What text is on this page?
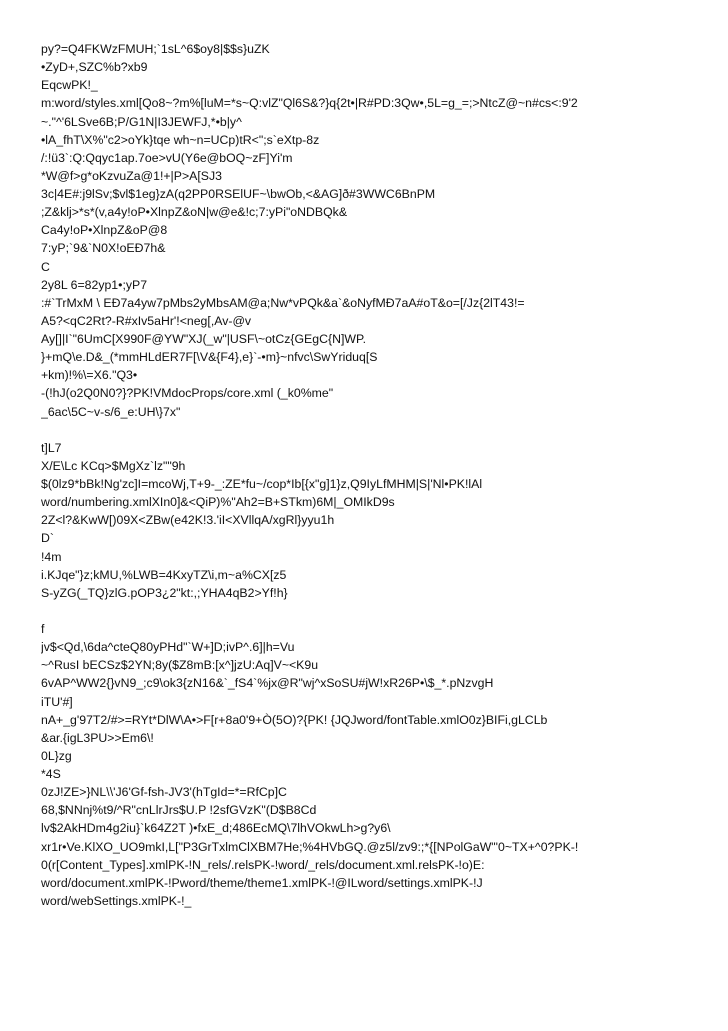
py?=Q4FKWzFMUH;`1sL^6$oy8|$$s}uZK
•ZyD+,SZC%b?xb9
EqcwPK!_
m:word/styles.xml[Qo8~?m%[luM=*s~Q:vlZ"Ql6S&?}q{2t•|R#PD:3Qw•,5L=g_=;>NtcZ@~n#cs<:9'2
~."^'6LSve6B;P/G1N|I3JEWFJ,*•b|y^
•lA_fhT\X%"c2>oYk}tqe wh~n=UCp)tR<";s`eXtp-8z
/:!ü3`:Q:Qqyc1ap.7oe>vU(Y6e@bOQ~zF]Yi'm
*W@f>g*oKzvuZa@1!+|P>A[SJ3
3c|4E#:j9lSv;$vl$1eg}zA(q2PP0RSElUF~\bwOb,<&AG]ð#3WWC6BnPM
;Z&klj>*s*(v,a4y!oP•XlnpZ&oN|w@e&!c;7:yPi"oNDBQk&
Ca4y!oP•XlnpZ&oP@8
7:yP;`9&`N0X!oEÐ7h&
C
2y8L 6=82yp1•;yP7
:#`TrMxM \ EÐ7a4yw7pMbs2yMbsAM@a;Nw*vPQk&a`&oNyfMÐ7aA#oT&o=[/Jz{2lT43!=
A5?<qC2Rt?-R#xIv5aHr'!<neg[,Av-@v
Ay[]|I`"6UmC[X990F@YW"XJ(_w"|USF\~otCz{GEgC{N]WP.
}+mQ\e.D&_(*mmHLdER7F[\V&{F4},e}`-•m}~nfvc\SwYriduq[S
+km)!%\=X6."Q3•
-(!hJ(o2Q0N0?}?PK!VMdocProps/core.xml (_k0%me"
_6ac\5C~v-s/6_e:UH\}7x"
t]L7
X/E\Lc KCq>$MgXz`lz""9h
$(0lz9*bBk!Ng'zc]I=mcoWj,T+9-_:ZE*fu~/cop*Ib[{x"g]1}z,Q9IyLfMHM|S|'Nl•PK!lAl
word/numbering.xmlXIn0]&<QiP)%"Ah2=B+STkm)6M|_OMIkD9s
2Z<l?&KwW[)09X<ZBw(e42K!3.'iI<XVllqA/xgRl}yyu1h
D`
!4m
i.KJqe"}z;kMU,%LWB=4KxyTZ\i,m~a%CX[z5
S-yZG(_TQ}zlG.pOP3¿2"kt:,;YHA4qB2>Yf!h}
f
jv$<Qd,\6da^cteQ80yPHd"`W+]D;ivP^.6]|h=Vu
~^RusI bECSz$2YN;8y($Z8mB:[x^]jzU:Aq]V~<K9u
6vAP^WW2{}vN9_;c9\ok3{zN16&`_fS4`%jx@R"wj^xSoSU#jW!xR26P•\$_*.pNzvgH
iTU'#]
nA+_g'97T2/#>=RYt*DlW\A•>F[r+8a0'9+Ò(5O)?{PK! {JQJword/fontTable.xmlO0z}BIFi,gLCLb
&ar.{igL3PU>>Em6\!
0L}zg
*4S
0zJ!ZE>}NL\\'J6'Gf-fsh-JV3'(hTgId=*=RfCp]C
68,$NNnj%t9/^R"cnLlrJrs$U.P !2sfGVzK"(D$B8Cd
lv$2AkHDm4g2iu}`k64Z2T )•fxE_d;486EcMQ\7lhVOkwLh>g?y6\
xr1r•Ve.KlXO_UO9mkI,L["P3GrTxlmClXBM7He;%4HVbGQ.@z5l/zv9:;*{[NPolGaW"'0~TX+^0?PK-!
0(r[Content_Types].xmlPK-!N_rels/.relsPK-!word/_rels/document.xml.relsPK-!o)E:
word/document.xmlPK-!Pword/theme/theme1.xmlPK-!@ILword/settings.xmlPK-!J
word/webSettings.xmlPK-!_
